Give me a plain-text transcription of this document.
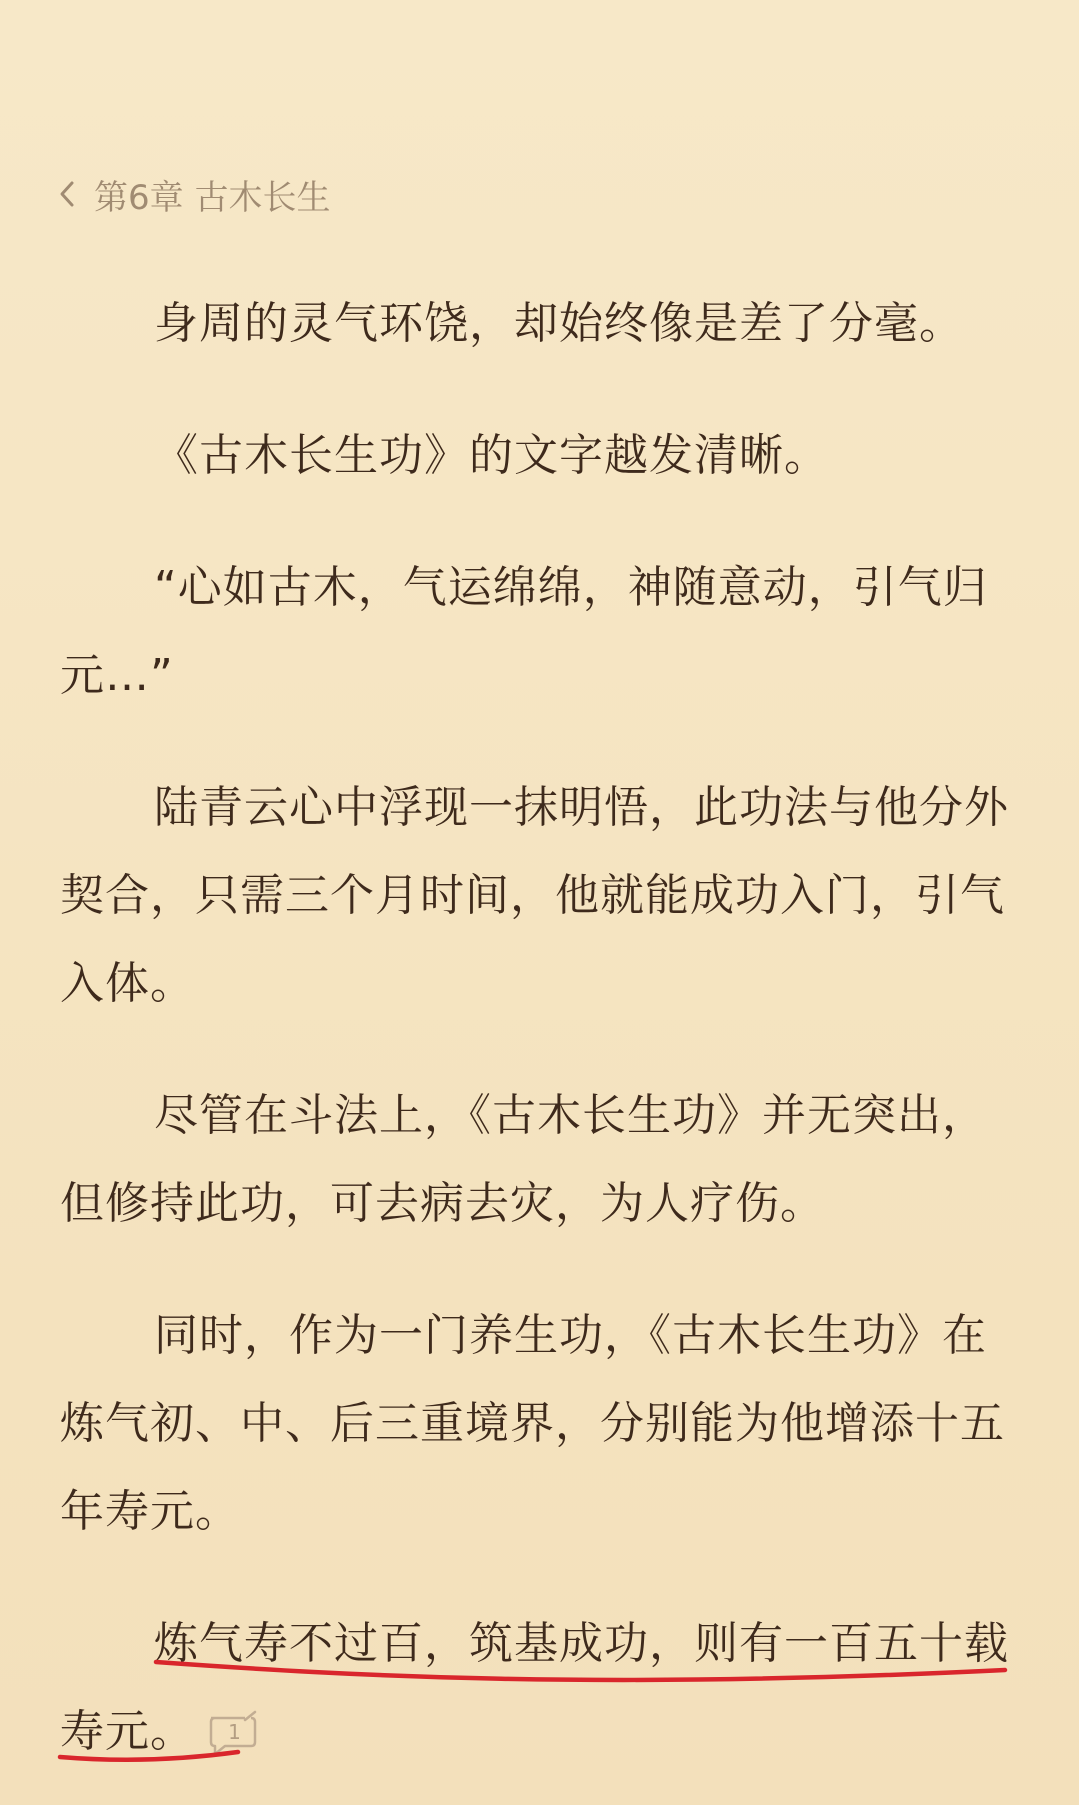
第6章 古木长生

身周的灵气环饶，却始终像是差了分毫。

《古木长生功》的文字越发清晰。

“心如古木，气运绵绵，神随意动，引气归元…”

陆青云心中浮现一抹明悟，此功法与他分外契合，只需三个月时间，他就能成功入门，引气入体。

尽管在斗法上，《古木长生功》并无突出，但修持此功，可去病去灾，为人疗伤。

同时，作为一门养生功，《古木长生功》在炼气初、中、后三重境界，分别能为他增添十五年寿元。

炼气寿不过百，筑基成功，则有一百五十载寿元。 1
